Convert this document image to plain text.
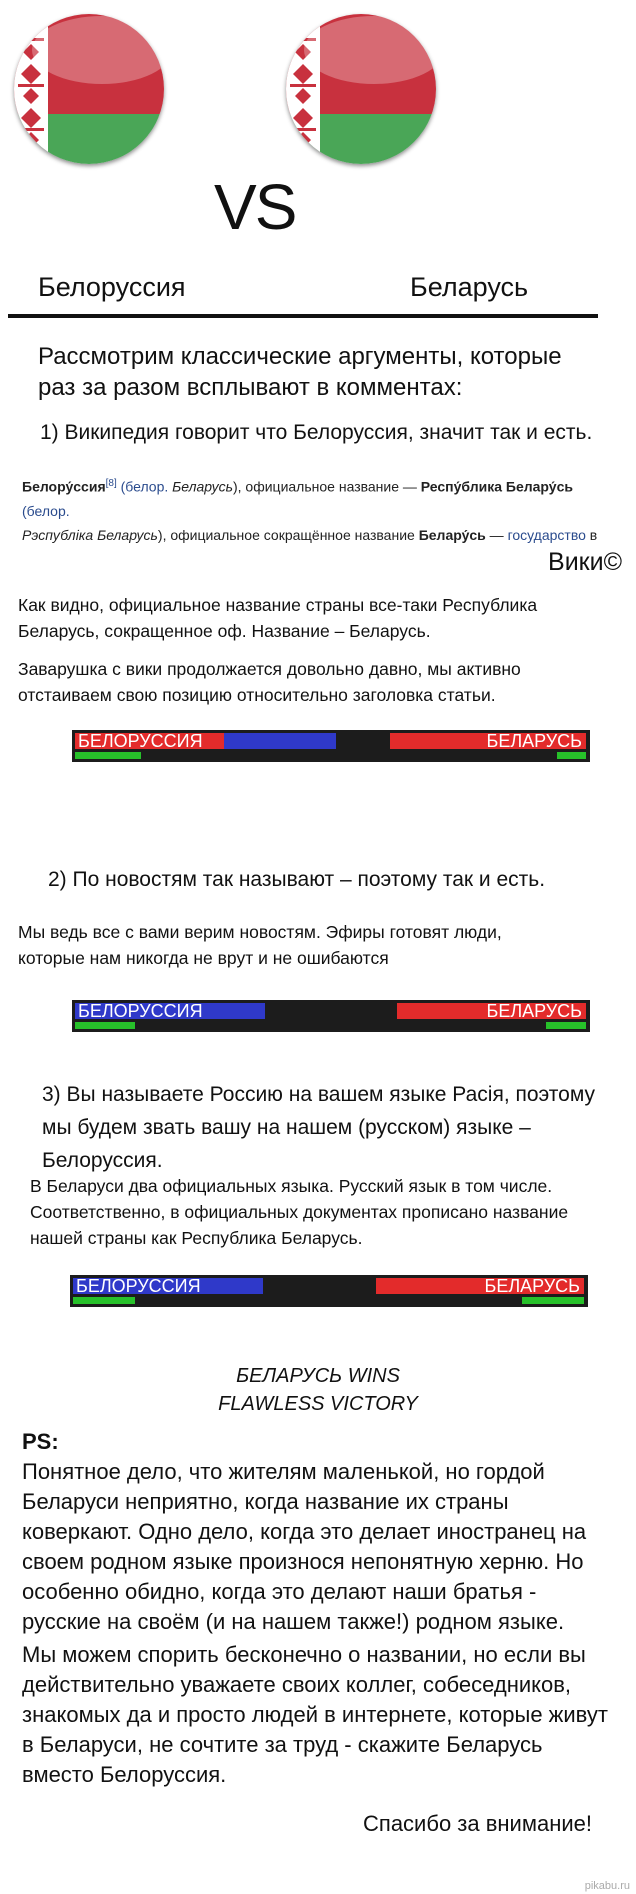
VS
Белоруссия	Беларусь
Рассмотрим классические аргументы, которые раз за разом всплывают в комментах:
1) Википедия говорит что Белоруссия, значит так и есть.
Белору́ссия[8] (белор. Беларусь), официальное название — Респу́блика Белару́сь (белор.
Рэспубліка Беларусь), официальное сокращённое название Белару́сь — государство в
Вики©
Как видно, официальное название страны все-таки Республика Беларусь, сокращенное оф. Название – Беларусь.
Заварушка с вики продолжается довольно давно, мы активно отстаиваем свою позицию относительно заголовка статьи.
БЕЛОРУССИЯ	БЕЛАРУСЬ
2) По новостям так называют – поэтому так и есть.
Мы ведь все с вами верим новостям. Эфиры готовят люди, которые нам никогда не врут и не ошибаются
БЕЛОРУССИЯ	БЕЛАРУСЬ
3) Вы называете Россию на вашем языке Расія, поэтому мы будем звать вашу на нашем (русском) языке – Белоруссия.
В Беларуси два официальных языка. Русский язык в том числе. Соответственно, в официальных документах прописано название нашей страны как Республика Беларусь.
БЕЛОРУССИЯ	БЕЛАРУСЬ
БЕЛАРУСЬ WINS
FLAWLESS VICTORY
PS:
Понятное дело, что жителям маленькой, но гордой Беларуси неприятно, когда название их страны коверкают. Одно дело, когда это делает иностранец на своем родном языке произнося непонятную херню. Но особенно обидно, когда это делают наши братья - русские на своём (и на нашем также!) родном языке.
Мы можем спорить бесконечно о названии, но если вы действительно уважаете своих коллег, собеседников, знакомых да и просто людей в интернете, которые живут в Беларуси, не сочтите за труд - скажите Беларусь вместо Белоруссия.
Спасибо за внимание!
pikabu.ru
